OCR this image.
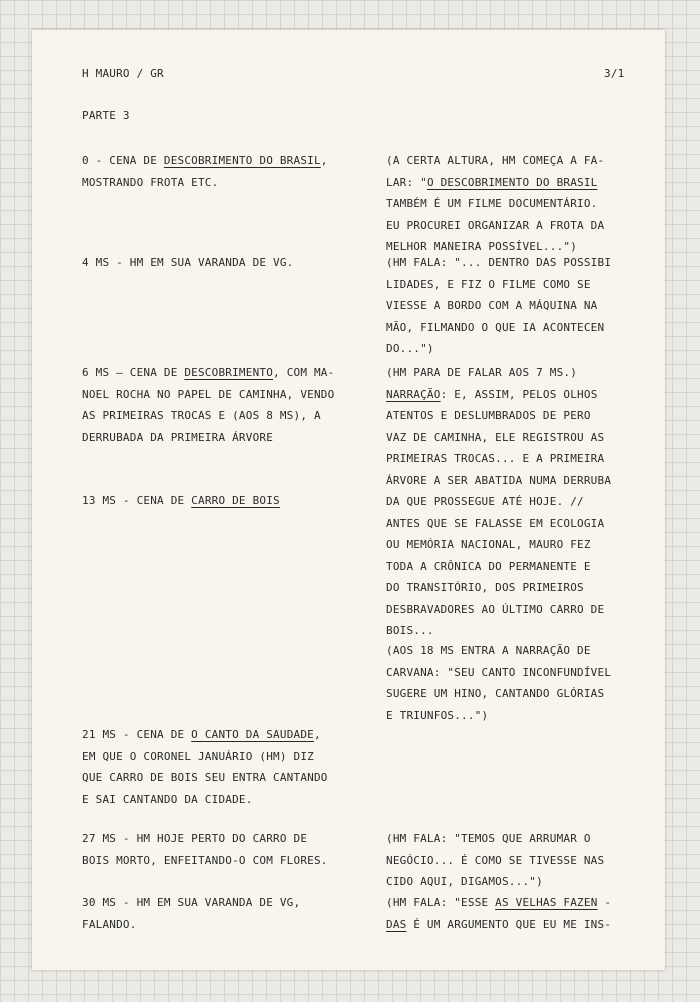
H MAURO / GR	3/1
PARTE 3
0 - CENA DE DESCOBRIMENTO DO BRASIL,
MOSTRANDO FROTA ETC.
4 MS - HM EM SUA VARANDA DE VG.
6 MS – CENA DE DESCOBRIMENTO, COM MA-
NOEL ROCHA NO PAPEL DE CAMINHA, VENDO
AS PRIMEIRAS TROCAS E (AOS 8 MS), A
DERRUBADA DA PRIMEIRA ÁRVORE
13 MS - CENA DE CARRO DE BOIS
21 MS - CENA DE O CANTO DA SAUDADE,
EM QUE O CORONEL JANUÁRIO (HM) DIZ
QUE CARRO DE BOIS SEU ENTRA CANTANDO
E SAI CANTANDO DA CIDADE.
27 MS - HM HOJE PERTO DO CARRO DE
BOIS MORTO, ENFEITANDO-O COM FLORES.
30 MS - HM EM SUA VARANDA DE VG,
FALANDO.
(A CERTA ALTURA, HM COMEÇA A FA-
LAR: "O DESCOBRIMENTO DO BRASIL
TAMBÉM É UM FILME DOCUMENTÁRIO.
EU PROCUREI ORGANIZAR A FROTA DA
MELHOR MANEIRA POSSÍVEL...")
(HM FALA: "... DENTRO DAS POSSIBI
LIDADES, E FIZ O FILME COMO SE
VIESSE A BORDO COM A MÁQUINA NA
MÃO, FILMANDO O QUE IA ACONTECEN
DO...")
(HM PARA DE FALAR AOS 7 MS.)
NARRAÇÃO: E, ASSIM, PELOS OLHOS
ATENTOS E DESLUMBRADOS DE PERO
VAZ DE CAMINHA, ELE REGISTROU AS
PRIMEIRAS TROCAS... E A PRIMEIRA
ÁRVORE A SER ABATIDA NUMA DERRUBA
DA QUE PROSSEGUE ATÉ HOJE. //
ANTES QUE SE FALASSE EM ECOLOGIA
OU MEMÓRIA NACIONAL, MAURO FEZ
TODA A CRÔNICA DO PERMANENTE E
DO TRANSITÓRIO, DOS PRIMEIROS
DESBRAVADORES AO ÚLTIMO CARRO DE
BOIS...
(AOS 18 MS ENTRA A NARRAÇÃO DE
CARVANA: "SEU CANTO INCONFUNDÍVEL
SUGERE UM HINO, CANTANDO GLÓRIAS
E TRIUNFOS...")
(HM FALA: "TEMOS QUE ARRUMAR O
NEGÓCIO... É COMO SE TIVESSE NAS
CIDO AQUI, DIGAMOS...")
(HM FALA: "ESSE AS VELHAS FAZEN -
DAS É UM ARGUMENTO QUE EU ME INS-
